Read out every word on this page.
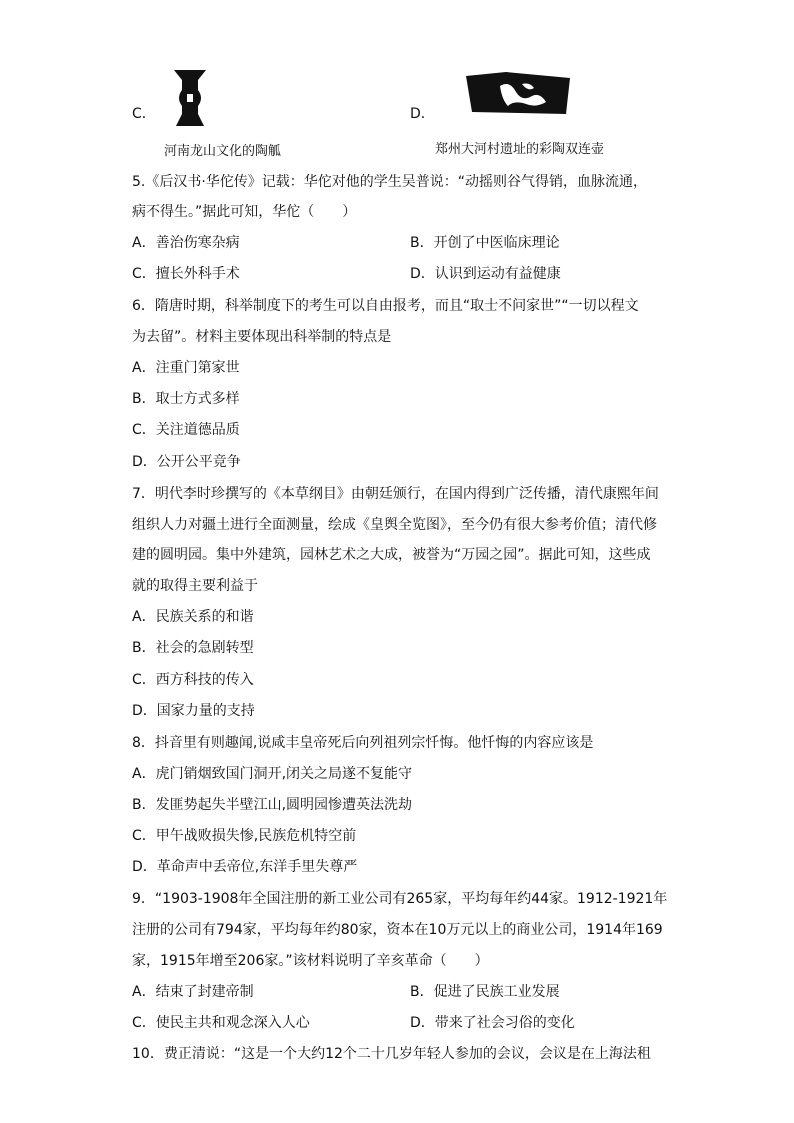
C．
河南龙山文化的陶觚
D．
郑州大河村遗址的彩陶双连壶
5.《后汉书·华佗传》记载：华佗对他的学生吴普说：“动摇则谷气得销，血脉流通，
病不得生。”据此可知，华佗（　　）
A．善治伤寒杂病	B．开创了中医临床理论
C．擅长外科手术	D．认识到运动有益健康
6．隋唐时期，科举制度下的考生可以自由报考，而且“取士不问家世”“一切以程文
为去留”。材料主要体现出科举制的特点是
A．注重门第家世
B．取士方式多样
C．关注道德品质
D．公开公平竞争
7．明代李时珍撰写的《本草纲目》由朝廷颁行，在国内得到广泛传播，清代康熙年间
组织人力对疆土进行全面测量，绘成《皇舆全览图》，至今仍有很大参考价值；清代修
建的圆明园。集中外建筑，园林艺术之大成，被誉为“万园之园”。据此可知，这些成
就的取得主要利益于
A．民族关系的和谐
B．社会的急剧转型
C．西方科技的传入
D．国家力量的支持
8．抖音里有则趣闻,说咸丰皇帝死后向列祖列宗忏悔。他忏悔的内容应该是
A．虎门销烟致国门洞开,闭关之局遂不复能守
B．发匪势起失半壁江山,圆明园惨遭英法洗劫
C．甲午战败损失惨,民族危机特空前
D．革命声中丢帝位,东洋手里失尊严
9．“1903-1908年全国注册的新工业公司有265家，平均每年约44家。1912-1921年
注册的公司有794家，平均每年约80家，资本在10万元以上的商业公司，1914年169
家，1915年增至206家。”该材料说明了辛亥革命（　　）
A．结束了封建帝制	B．促进了民族工业发展
C．使民主共和观念深入人心	D．带来了社会习俗的变化
10．费正清说：“这是一个大约12个二十几岁年轻人参加的会议，会议是在上海法租
